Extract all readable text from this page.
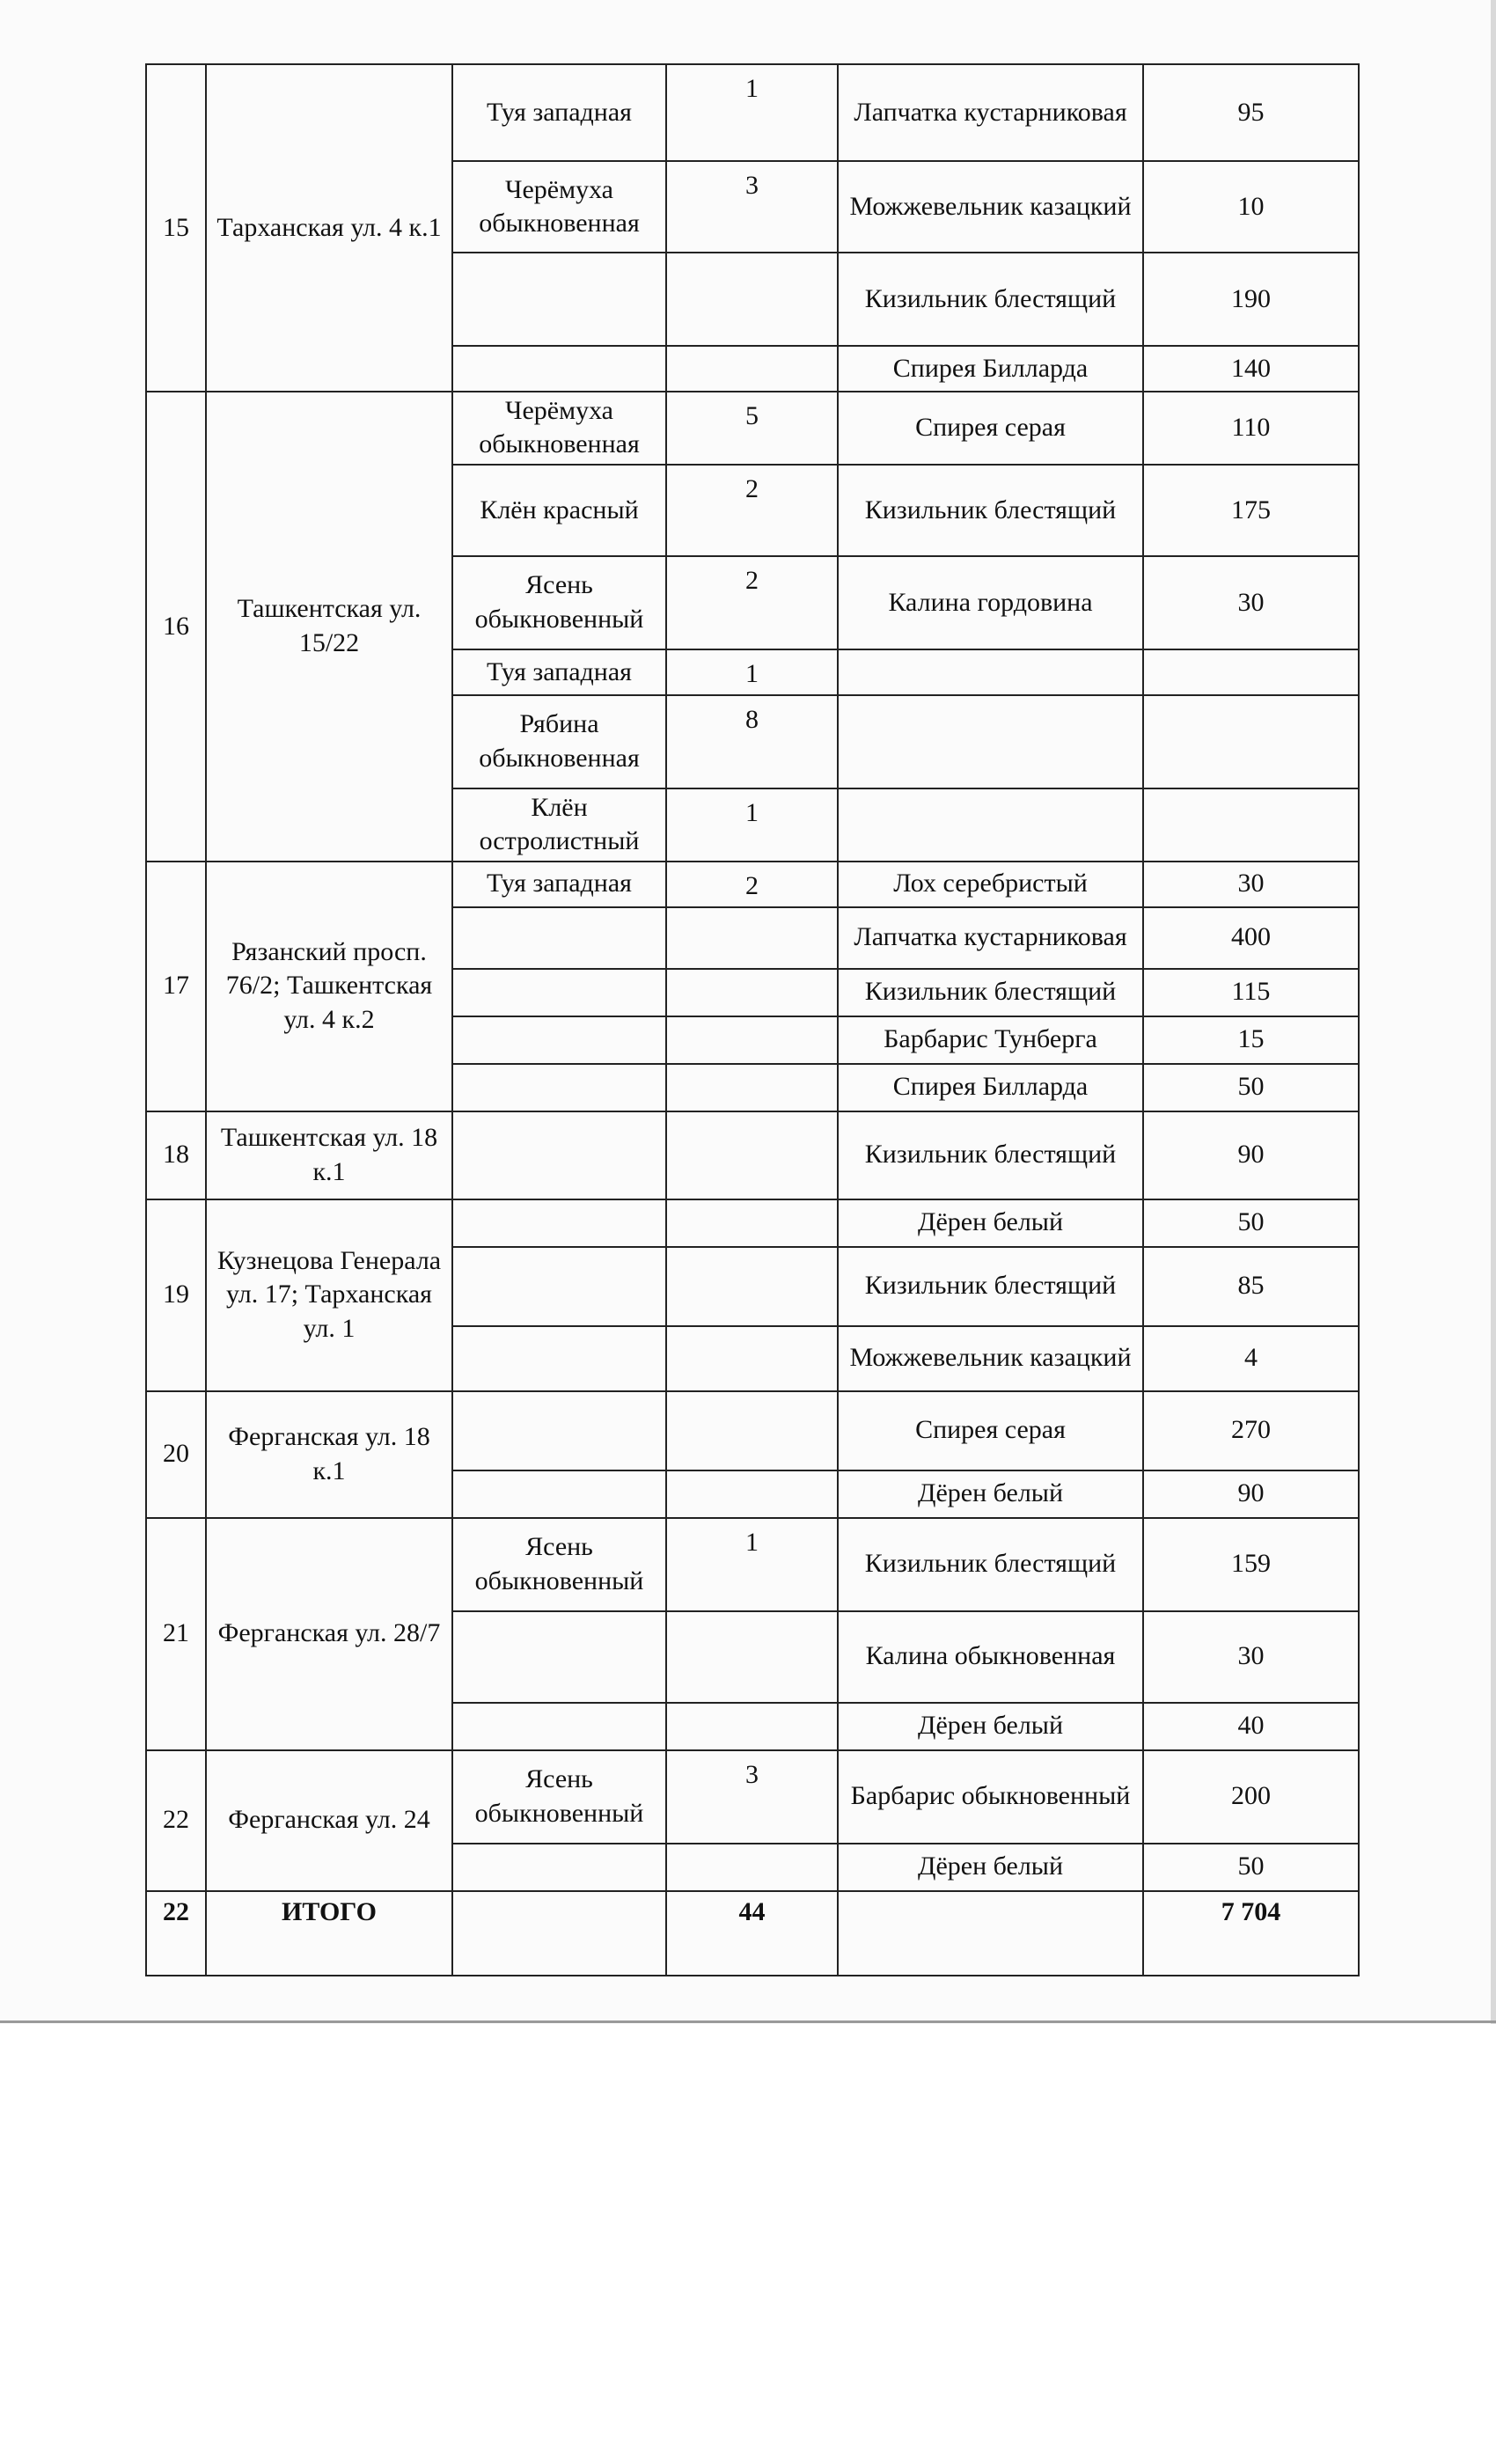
15	Тарханская ул. 4 к.1	Туя западная	1	Лапчатка кустарниковая	95
		Черёмуха обыкновенная	3	Можжевельник казацкий	10
				Кизильник блестящий	190
				Спирея Билларда	140
16	Ташкентская ул. 15/22	Черёмуха обыкновенная	5	Спирея серая	110
		Клён красный	2	Кизильник блестящий	175
		Ясень обыкновенный	2	Калина гордовина	30
		Туя западная	1		
		Рябина обыкновенная	8		
		Клён остролистный	1		
17	Рязанский просп. 76/2; Ташкентская ул. 4 к.2	Туя западная	2	Лох серебристый	30
				Лапчатка кустарниковая	400
				Кизильник блестящий	115
				Барбарис Тунберга	15
				Спирея Билларда	50
18	Ташкентская ул. 18 к.1			Кизильник блестящий	90
19	Кузнецова Генерала ул. 17; Тарханская ул. 1			Дёрен белый	50
				Кизильник блестящий	85
				Можжевельник казацкий	4
20	Ферганская ул. 18 к.1			Спирея серая	270
				Дёрен белый	90
21	Ферганская ул. 28/7	Ясень обыкновенный	1	Кизильник блестящий	159
				Калина обыкновенная	30
				Дёрен белый	40
22	Ферганская ул. 24	Ясень обыкновенный	3	Барбарис обыкновенный	200
				Дёрен белый	50
22	ИТОГО		44		7 704
